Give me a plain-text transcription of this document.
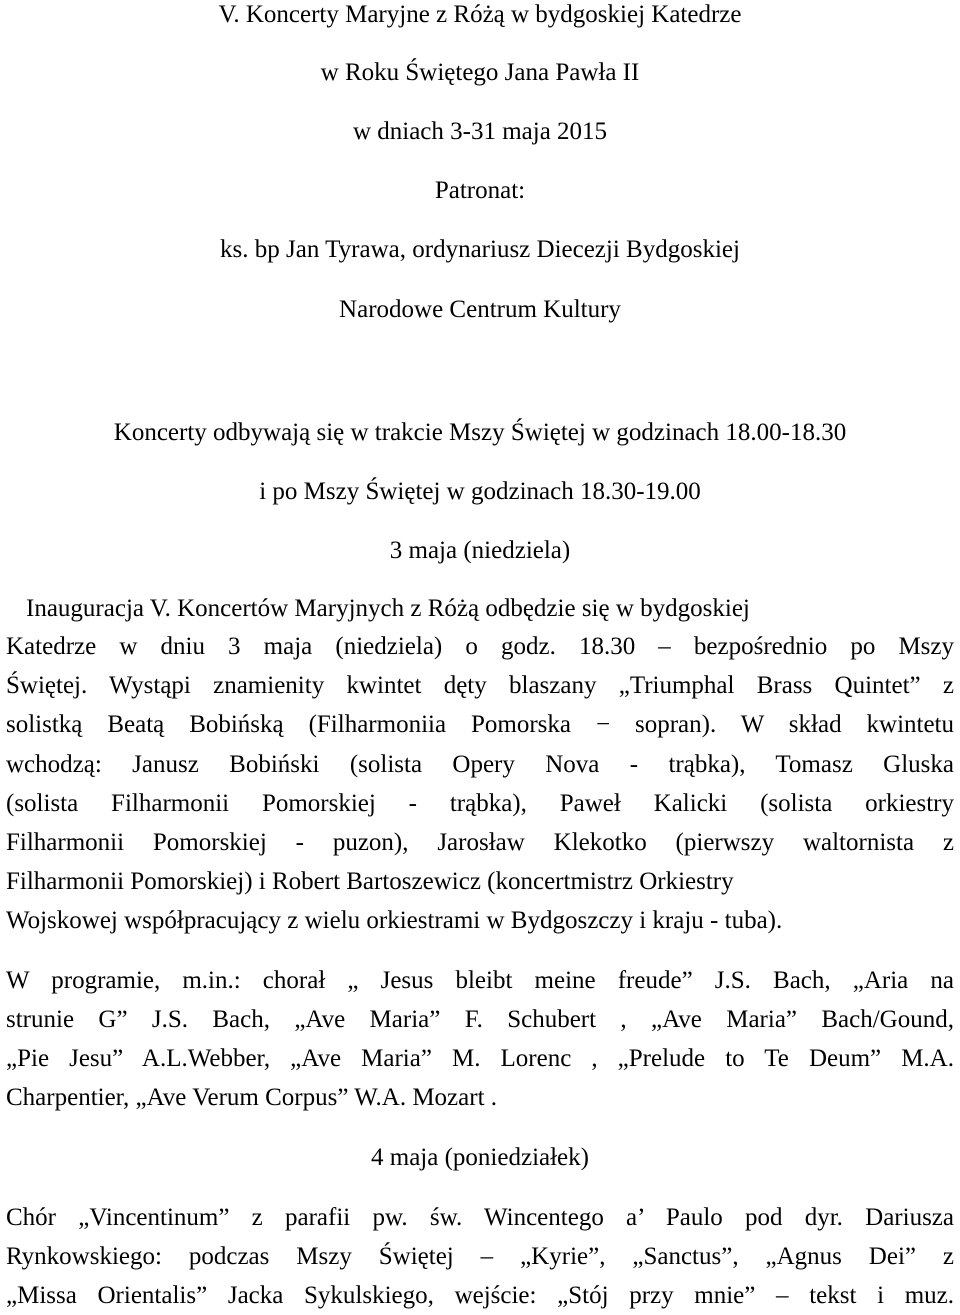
V. Koncerty Maryjne z Różą w bydgoskiej Katedrze
w Roku Świętego Jana Pawła II
w dniach 3-31 maja 2015
Patronat:
ks. bp Jan Tyrawa, ordynariusz Diecezji Bydgoskiej
Narodowe Centrum Kultury
Koncerty odbywają się w trakcie Mszy Świętej w godzinach 18.00-18.30
i po Mszy Świętej w godzinach 18.30-19.00
3 maja (niedziela)
Inauguracja V. Koncertów Maryjnych z Różą odbędzie się w bydgoskiej
Katedrze w dniu 3 maja (niedziela) o godz. 18.30 – bezpośrednio po Mszy
Świętej. Wystąpi znamienity kwintet dęty blaszany „Triumphal Brass Quintet” z
solistką Beatą Bobińską (Filharmoniia Pomorska − sopran). W skład kwintetu
wchodzą: Janusz Bobiński (solista Opery Nova - trąbka), Tomasz Gluska
(solista Filharmonii Pomorskiej - trąbka), Paweł Kalicki (solista orkiestry
Filharmonii Pomorskiej - puzon), Jarosław Klekotko (pierwszy waltornista z
Filharmonii Pomorskiej) i Robert Bartoszewicz (koncertmistrz Orkiestry
Wojskowej współpracujący z wielu orkiestrami w Bydgoszczy i kraju - tuba).
W programie, m.in.: chorał „ Jesus bleibt meine freude” J.S. Bach, „Aria na
strunie G” J.S. Bach, „Ave Maria” F. Schubert , „Ave Maria” Bach/Gound,
„Pie Jesu” A.L.Webber, „Ave Maria” M. Lorenc , „Prelude to Te Deum” M.A.
Charpentier, „Ave Verum Corpus” W.A. Mozart .
4 maja (poniedziałek)
Chór „Vincentinum” z parafii pw. św. Wincentego a’ Paulo pod dyr. Dariusza
Rynkowskiego: podczas Mszy Świętej – „Kyrie”, „Sanctus”, „Agnus Dei” z
„Missa Orientalis” Jacka Sykulskiego, wejście: „Stój przy mnie” – tekst i muz.
